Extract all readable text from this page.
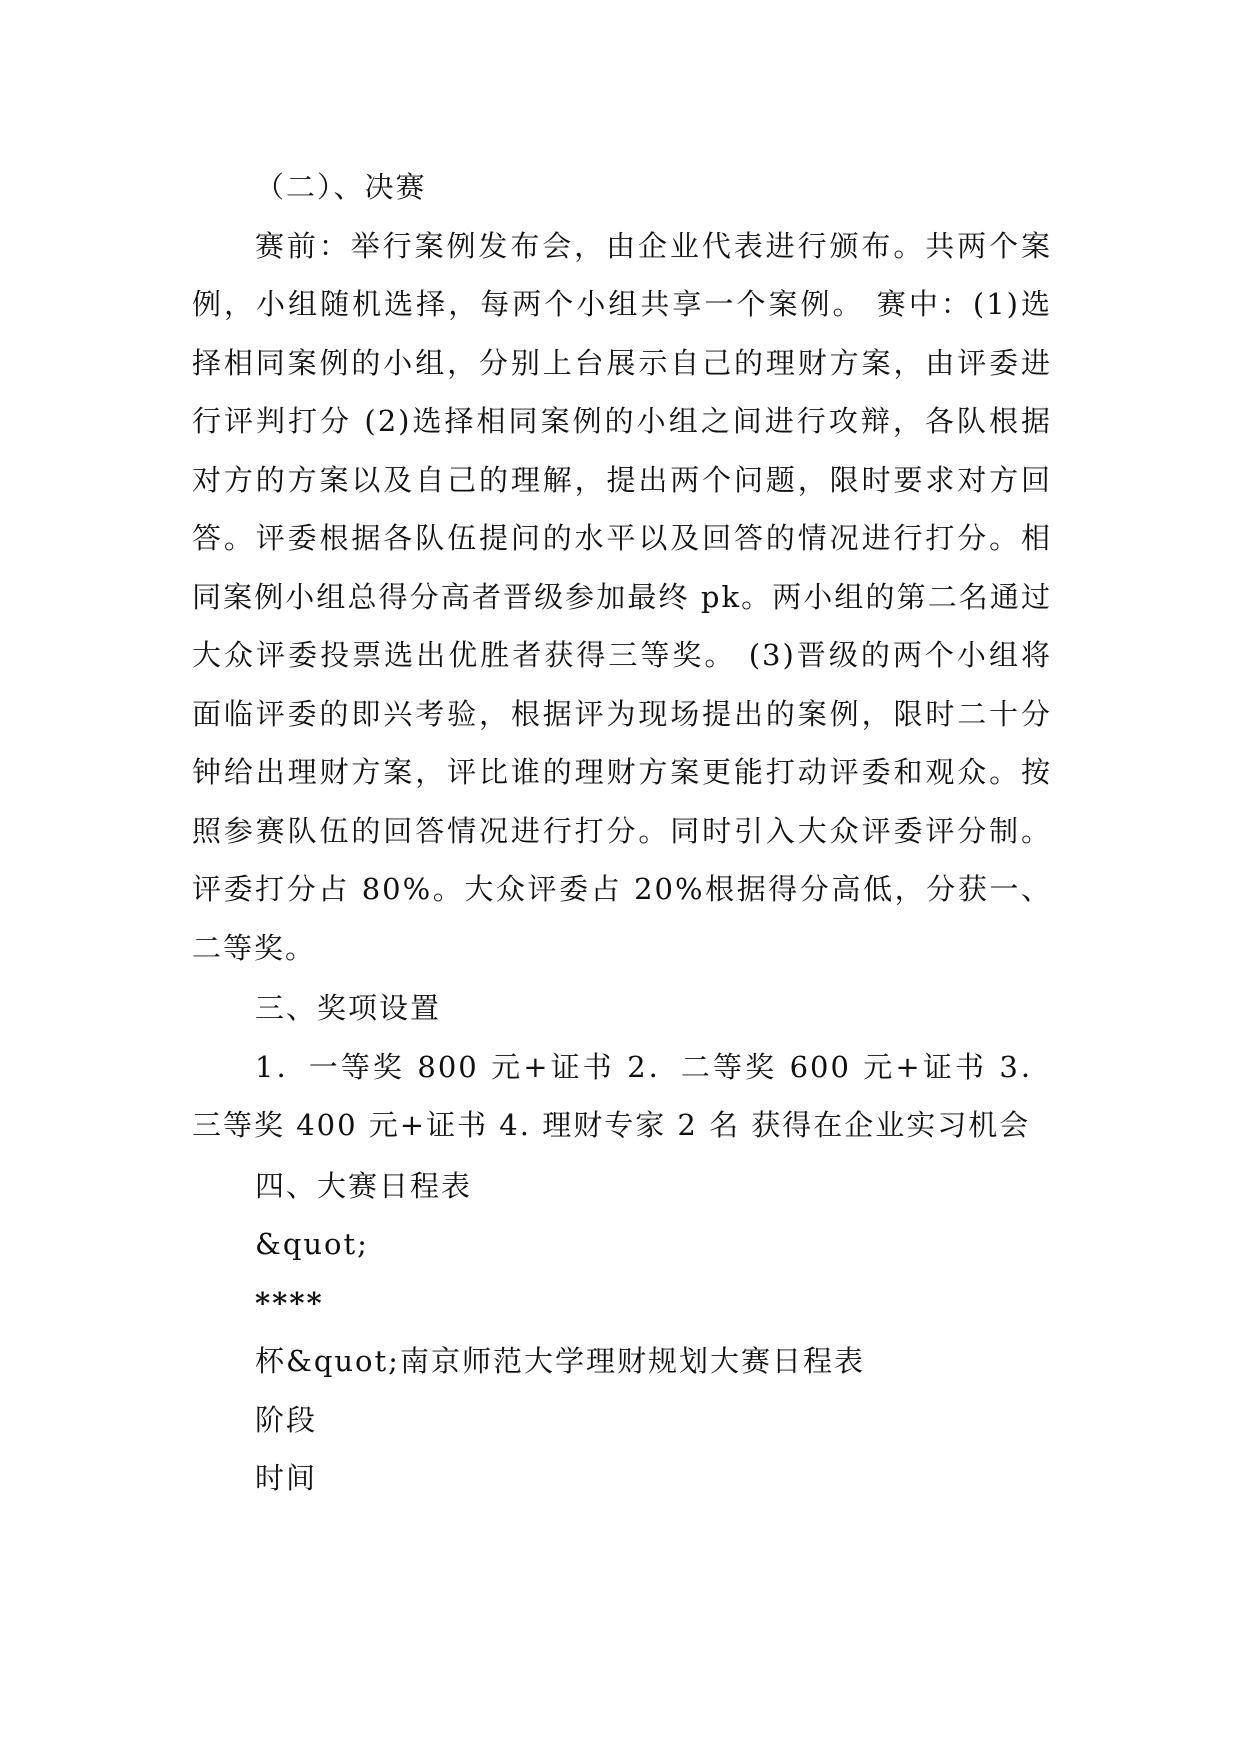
（二）、决赛

赛前：举行案例发布会，由企业代表进行颁布。共两个案例，小组随机选择，每两个小组共享一个案例。 赛中：(1)选择相同案例的小组，分别上台展示自己的理财方案，由评委进行评判打分 (2)选择相同案例的小组之间进行攻辩，各队根据对方的方案以及自己的理解，提出两个问题，限时要求对方回答。评委根据各队伍提问的水平以及回答的情况进行打分。相同案例小组总得分高者晋级参加最终 pk。两小组的第二名通过大众评委投票选出优胜者获得三等奖。 (3)晋级的两个小组将面临评委的即兴考验，根据评为现场提出的案例，限时二十分钟给出理财方案，评比谁的理财方案更能打动评委和观众。按照参赛队伍的回答情况进行打分。同时引入大众评委评分制。评委打分占 80%。大众评委占 20%根据得分高低，分获一、二等奖。

三、奖项设置

1．一等奖 800 元+证书 2．二等奖 600 元+证书 3．三等奖 400 元+证书 4. 理财专家 2 名 获得在企业实习机会

四、大赛日程表

&quot;
****
杯&quot;南京师范大学理财规划大赛日程表
阶段
时间
